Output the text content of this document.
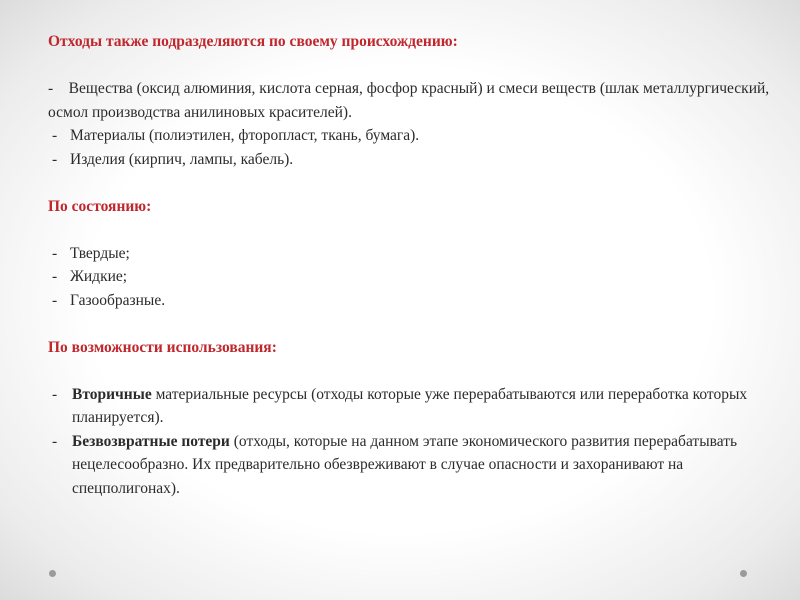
Отходы также подразделяются по своему происхождению:

- Вещества (оксид алюминия, кислота серная, фосфор красный) и смеси веществ (шлак металлургический, осмол производства анилиновых красителей).

- Материалы (полиэтилен, фторопласт, ткань, бумага).
- Изделия (кирпич, лампы, кабель).

По состоянию:

- Твердые;
- Жидкие;
- Газообразные.

По возможности использования:

- Вторичные материальные ресурсы (отходы которые уже перерабатываются или переработка которых планируется).
- Безвозвратные потери (отходы, которые на данном этапе экономического развития перерабатывать нецелесообразно. Их предварительно обезвреживают в случае опасности и захоранивают на спецполигонах).
